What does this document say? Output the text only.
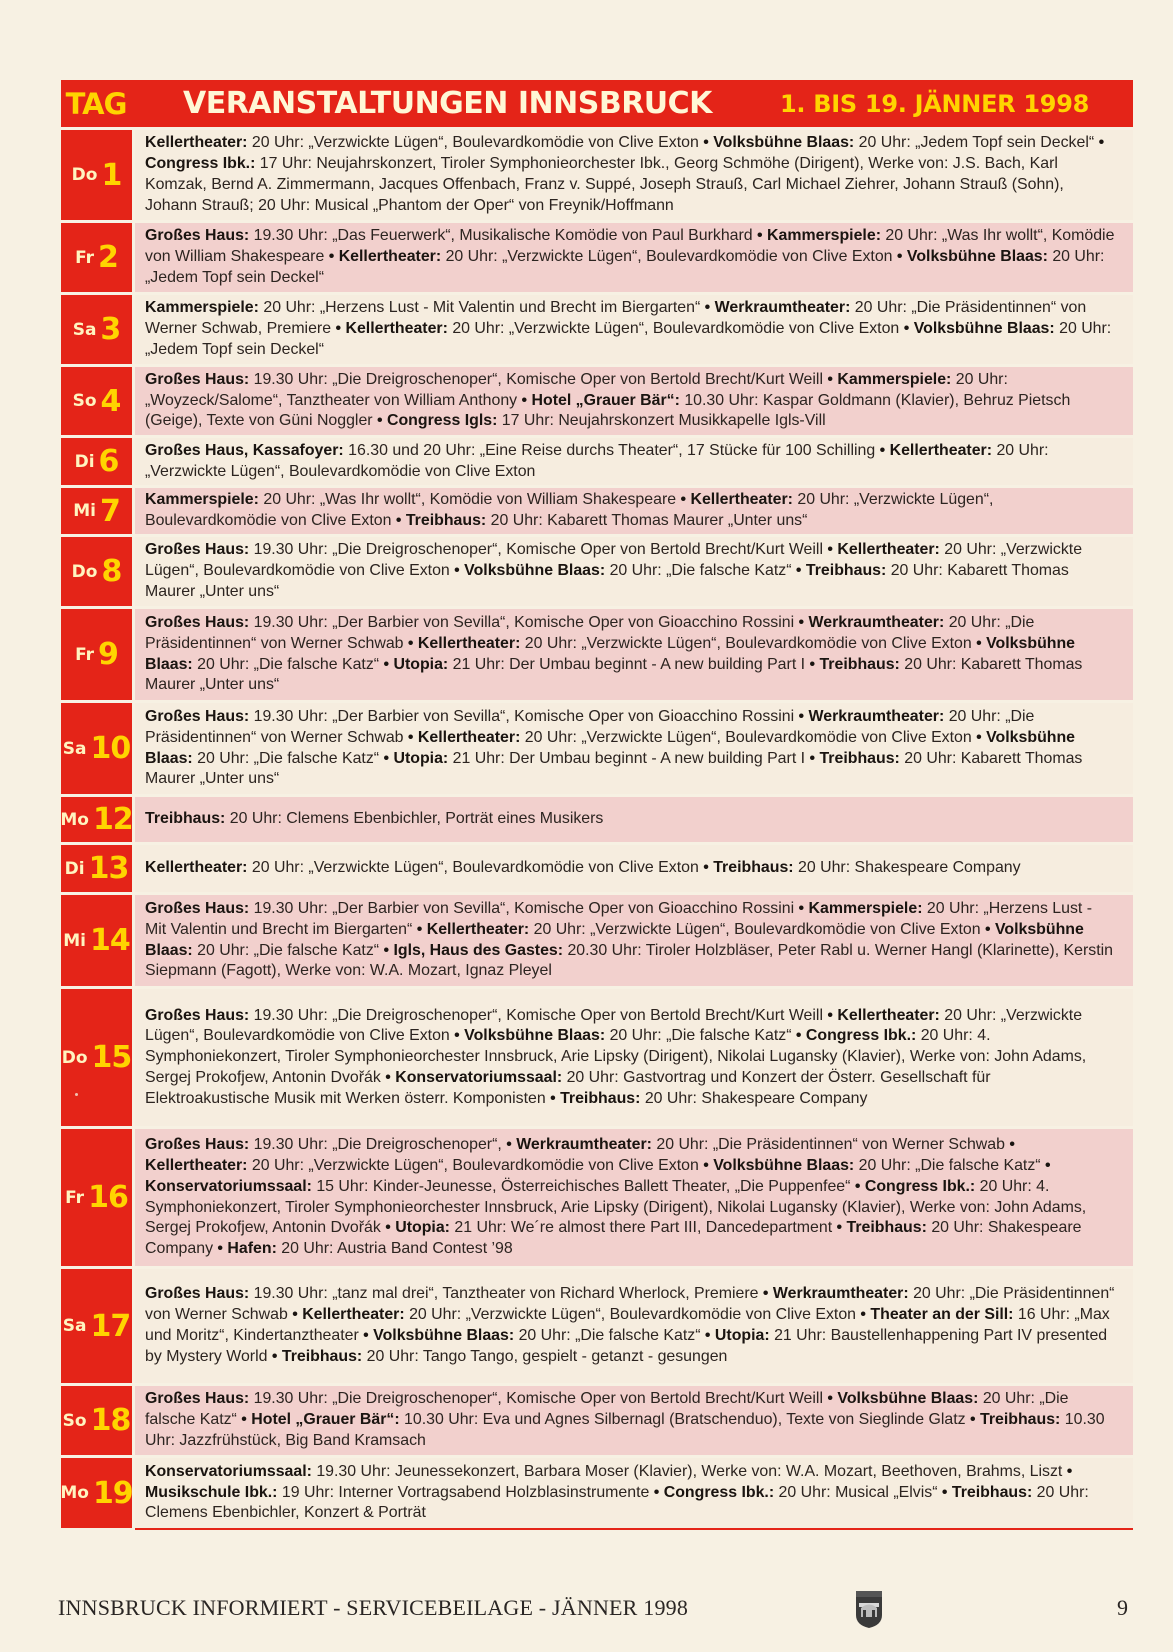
TAG VERANSTALTUNGEN INNSBRUCK	1. BIS 19. JÄNNER 1998
Do 1
Kellertheater: 20 Uhr: „Verzwickte Lügen“, Boulevardkomödie von Clive Exton • Volksbühne Blaas: 20 Uhr: „Jedem Topf sein Deckel“ • Congress Ibk.: 17 Uhr: Neujahrskonzert, Tiroler Symphonieorchester Ibk., Georg Schmöhe (Dirigent), Werke von: J.S. Bach, Karl Komzak, Bernd A. Zimmermann, Jacques Offenbach, Franz v. Suppé, Joseph Strauß, Carl Michael Ziehrer, Johann Strauß (Sohn), Johann Strauß; 20 Uhr: Musical „Phantom der Oper“ von Freynik/Hoffmann
Fr 2
Großes Haus: 19.30 Uhr: „Das Feuerwerk“, Musikalische Komödie von Paul Burkhard • Kammerspiele: 20 Uhr: „Was Ihr wollt“, Komödie von William Shakespeare • Kellertheater: 20 Uhr: „Verzwickte Lügen“, Boulevardkomödie von Clive Exton • Volksbühne Blaas: 20 Uhr: „Jedem Topf sein Deckel“
Sa 3
Kammerspiele: 20 Uhr: „Herzens Lust - Mit Valentin und Brecht im Biergarten“ • Werkraumtheater: 20 Uhr: „Die Präsidentinnen“ von Werner Schwab, Premiere • Kellertheater: 20 Uhr: „Verzwickte Lügen“, Boulevardkomödie von Clive Exton • Volksbühne Blaas: 20 Uhr: „Jedem Topf sein Deckel“
So 4
Großes Haus: 19.30 Uhr: „Die Dreigroschenoper“, Komische Oper von Bertold Brecht/Kurt Weill • Kammerspiele: 20 Uhr: „Woyzeck/Salome“, Tanztheater von William Anthony • Hotel „Grauer Bär“: 10.30 Uhr: Kaspar Goldmann (Klavier), Behruz Pietsch (Geige), Texte von Güni Noggler • Congress Igls: 17 Uhr: Neujahrskonzert Musikkapelle Igls-Vill
Di 6 Großes Haus, Kassafoyer: 16.30 und 20 Uhr: „Eine Reise durchs Theater“, 17 Stücke für 100 Schilling • Kellertheater: 20 Uhr: „Verzwickte Lügen“, Boulevardkomödie von Clive Exton
Mi 7 Kammerspiele: 20 Uhr: „Was Ihr wollt“, Komödie von William Shakespeare • Kellertheater: 20 Uhr: „Verzwickte Lügen“, Boulevardkomödie von Clive Exton • Treibhaus: 20 Uhr: Kabarett Thomas Maurer „Unter uns“
Do 8
Großes Haus: 19.30 Uhr: „Die Dreigroschenoper“, Komische Oper von Bertold Brecht/Kurt Weill • Kellertheater: 20 Uhr: „Verzwickte Lügen“, Boulevardkomödie von Clive Exton • Volksbühne Blaas: 20 Uhr: „Die falsche Katz“ • Treibhaus: 20 Uhr: Kabarett Thomas Maurer „Unter uns“
Fr 9
Großes Haus: 19.30 Uhr: „Der Barbier von Sevilla“, Komische Oper von Gioacchino Rossini • Werkraumtheater: 20 Uhr: „Die Präsidentinnen“ von Werner Schwab • Kellertheater: 20 Uhr: „Verzwickte Lügen“, Boulevardkomödie von Clive Exton • Volksbühne Blaas: 20 Uhr: „Die falsche Katz“ • Utopia: 21 Uhr: Der Umbau beginnt - A new building Part I • Treibhaus: 20 Uhr: Kabarett Thomas Maurer „Unter uns“
Sa 10
Großes Haus: 19.30 Uhr: „Der Barbier von Sevilla“, Komische Oper von Gioacchino Rossini • Werkraumtheater: 20 Uhr: „Die Präsidentinnen“ von Werner Schwab • Kellertheater: 20 Uhr: „Verzwickte Lügen“, Boulevardkomödie von Clive Exton • Volksbühne Blaas: 20 Uhr: „Die falsche Katz“ • Utopia: 21 Uhr: Der Umbau beginnt - A new building Part I • Treibhaus: 20 Uhr: Kabarett Thomas Maurer „Unter uns“
Mo 12 Treibhaus: 20 Uhr: Clemens Ebenbichler, Porträt eines Musikers
Di 13 Kellertheater: 20 Uhr: „Verzwickte Lügen“, Boulevardkomödie von Clive Exton • Treibhaus: 20 Uhr: Shakespeare Company
Mi 14
Großes Haus: 19.30 Uhr: „Der Barbier von Sevilla“, Komische Oper von Gioacchino Rossini • Kammerspiele: 20 Uhr: „Herzens Lust - Mit Valentin und Brecht im Biergarten“ • Kellertheater: 20 Uhr: „Verzwickte Lügen“, Boulevardkomödie von Clive Exton • Volksbühne Blaas: 20 Uhr: „Die falsche Katz“ • Igls, Haus des Gastes: 20.30 Uhr: Tiroler Holzbläser, Peter Rabl u. Werner Hangl (Klarinette), Kerstin Siepmann (Fagott), Werke von: W.A. Mozart, Ignaz Pleyel
Do 15
Großes Haus: 19.30 Uhr: „Die Dreigroschenoper“, Komische Oper von Bertold Brecht/Kurt Weill • Kellertheater: 20 Uhr: „Verzwickte Lügen“, Boulevardkomödie von Clive Exton • Volksbühne Blaas: 20 Uhr: „Die falsche Katz“ • Congress Ibk.: 20 Uhr: 4. Symphoniekonzert, Tiroler Symphonieorchester Innsbruck, Arie Lipsky (Dirigent), Nikolai Lugansky (Klavier), Werke von: John Adams, Sergej Prokofjew, Antonin Dvořák • Konservatoriumssaal: 20 Uhr: Gastvortrag und Konzert der Österr. Gesellschaft für Elektroakustische Musik mit Werken österr. Komponisten • Treibhaus: 20 Uhr: Shakespeare Company
Fr 16
Großes Haus: 19.30 Uhr: „Die Dreigroschenoper“, • Werkraumtheater: 20 Uhr: „Die Präsidentinnen“ von Werner Schwab • Kellertheater: 20 Uhr: „Verzwickte Lügen“, Boulevardkomödie von Clive Exton • Volksbühne Blaas: 20 Uhr: „Die falsche Katz“ • Konservatoriumssaal: 15 Uhr: Kinder-Jeunesse, Österreichisches Ballett Theater, „Die Puppenfee“ • Congress Ibk.: 20 Uhr: 4. Symphoniekonzert, Tiroler Symphonieorchester Innsbruck, Arie Lipsky (Dirigent), Nikolai Lugansky (Klavier), Werke von: John Adams, Sergej Prokofjew, Antonin Dvořák • Utopia: 21 Uhr: We´re almost there Part III, Dancedepartment • Treibhaus: 20 Uhr: Shakespeare Company • Hafen: 20 Uhr: Austria Band Contest ’98
Sa 17
Großes Haus: 19.30 Uhr: „tanz mal drei“, Tanztheater von Richard Wherlock, Premiere • Werkraumtheater: 20 Uhr: „Die Präsidentinnen“ von Werner Schwab • Kellertheater: 20 Uhr: „Verzwickte Lügen“, Boulevardkomödie von Clive Exton • Theater an der Sill: 16 Uhr: „Max und Moritz“, Kindertanztheater • Volksbühne Blaas: 20 Uhr: „Die falsche Katz“ • Utopia: 21 Uhr: Baustellenhappening Part IV presented by Mystery World • Treibhaus: 20 Uhr: Tango Tango, gespielt - getanzt - gesungen
So 18
Großes Haus: 19.30 Uhr: „Die Dreigroschenoper“, Komische Oper von Bertold Brecht/Kurt Weill • Volksbühne Blaas: 20 Uhr: „Die falsche Katz“ • Hotel „Grauer Bär“: 10.30 Uhr: Eva und Agnes Silbernagl (Bratschenduo), Texte von Sieglinde Glatz • Treibhaus: 10.30 Uhr: Jazzfrühstück, Big Band Kramsach
Mo 19
Konservatoriumssaal: 19.30 Uhr: Jeunessekonzert, Barbara Moser (Klavier), Werke von: W.A. Mozart, Beethoven, Brahms, Liszt • Musikschule Ibk.: 19 Uhr: Interner Vortragsabend Holzblasinstrumente • Congress Ibk.: 20 Uhr: Musical „Elvis“ • Treibhaus: 20 Uhr: Clemens Ebenbichler, Konzert & Porträt
INNSBRUCK INFORMIERT - SERVICEBEILAGE - JÄNNER 1998	9
